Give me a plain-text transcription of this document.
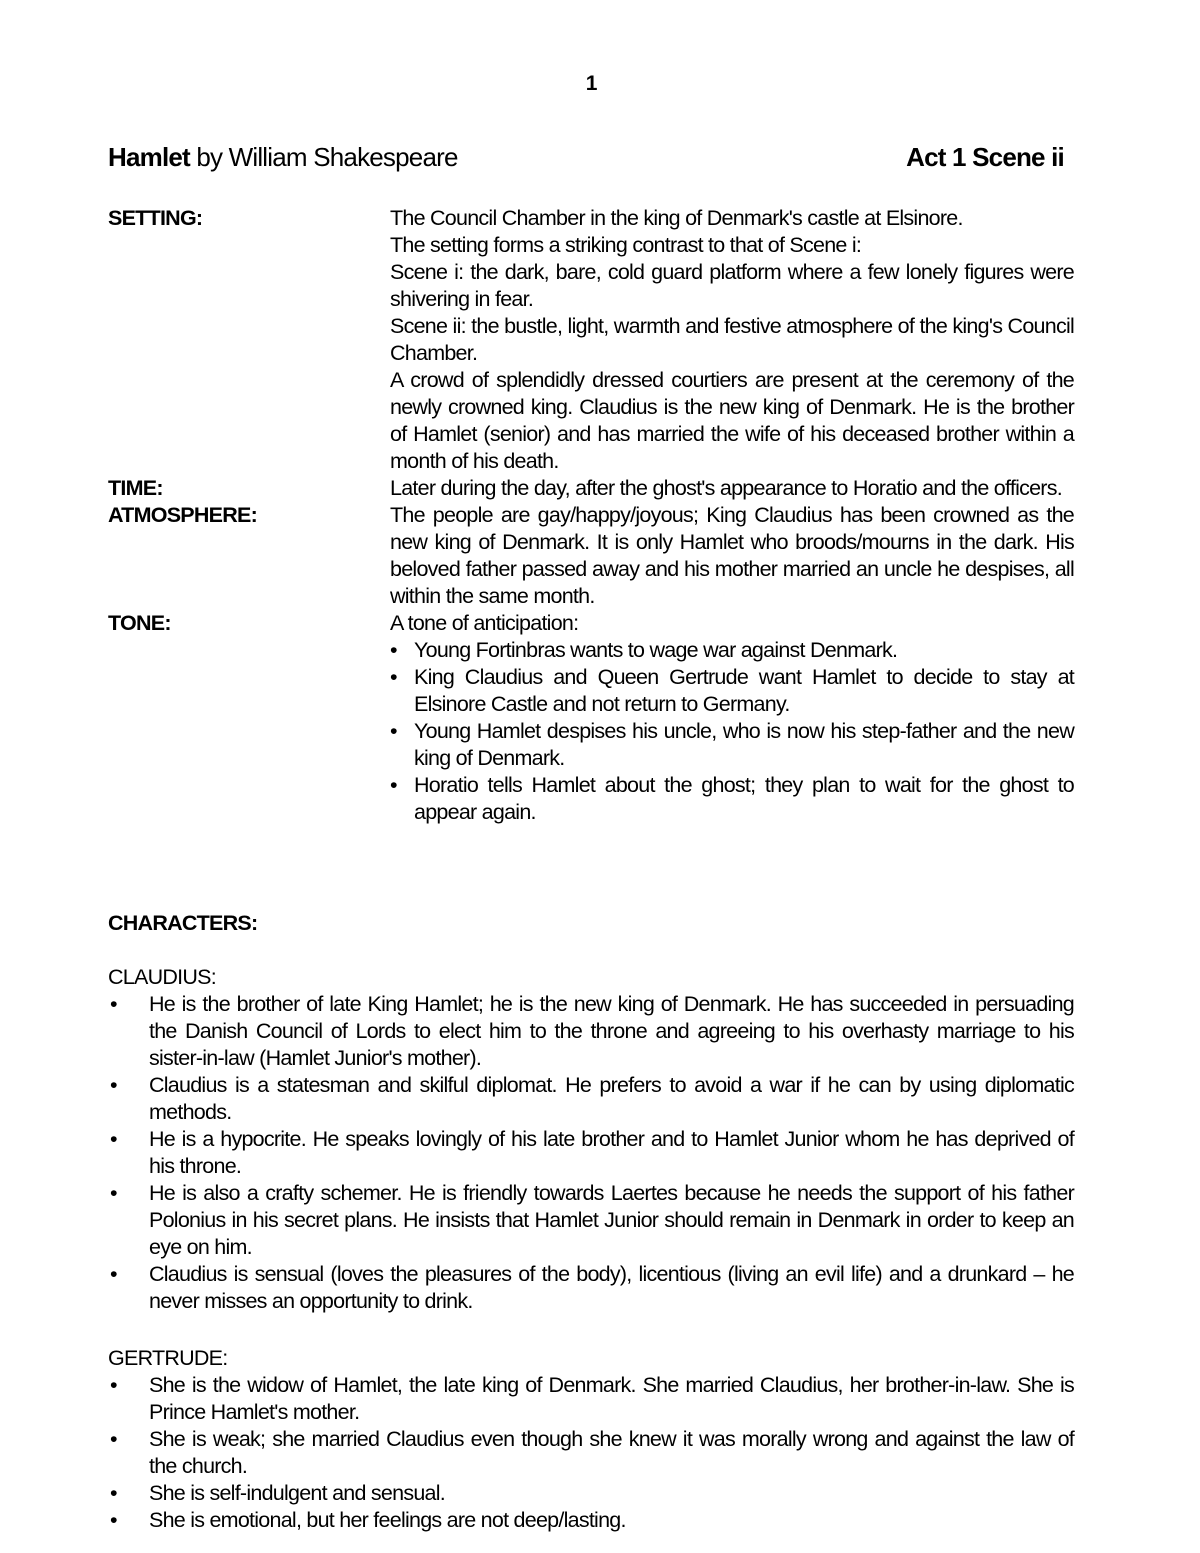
1
Hamlet by William Shakespeare	Act 1 Scene ii
SETTING:	The Council Chamber in the king of Denmark's castle at Elsinore.

The setting forms a striking contrast to that of Scene i:

Scene i: the dark, bare, cold guard platform where a few lonely figures were shivering in fear.

Scene ii: the bustle, light, warmth and festive atmosphere of the king's Council Chamber.

A crowd of splendidly dressed courtiers are present at the ceremony of the newly crowned king. Claudius is the new king of Denmark. He is the brother of Hamlet (senior) and has married the wife of his deceased brother within a month of his death.

TIME:	Later during the day, after the ghost's appearance to Horatio and the officers.
ATMOSPHERE:	The people are gay/happy/joyous; King Claudius has been crowned as the new king of Denmark. It is only Hamlet who broods/mourns in the dark. His beloved father passed away and his mother married an uncle he despises, all within the same month.
TONE:	A tone of anticipation:

• Young Fortinbras wants to wage war against Denmark.
• King Claudius and Queen Gertrude want Hamlet to decide to stay at Elsinore Castle and not return to Germany.
• Young Hamlet despises his uncle, who is now his step-father and the new king of Denmark.
• Horatio tells Hamlet about the ghost; they plan to wait for the ghost to appear again.
CHARACTERS:

CLAUDIUS:

• He is the brother of late King Hamlet; he is the new king of Denmark. He has succeeded in persuading the Danish Council of Lords to elect him to the throne and agreeing to his overhasty marriage to his sister-in-law (Hamlet Junior's mother).
• Claudius is a statesman and skilful diplomat. He prefers to avoid a war if he can by using diplomatic methods.
• He is a hypocrite. He speaks lovingly of his late brother and to Hamlet Junior whom he has deprived of his throne.
• He is also a crafty schemer. He is friendly towards Laertes because he needs the support of his father Polonius in his secret plans. He insists that Hamlet Junior should remain in Denmark in order to keep an eye on him.
• Claudius is sensual (loves the pleasures of the body), licentious (living an evil life) and a drunkard – he never misses an opportunity to drink.

GERTRUDE:

• She is the widow of Hamlet, the late king of Denmark. She married Claudius, her brother-in-law. She is Prince Hamlet's mother.
• She is weak; she married Claudius even though she knew it was morally wrong and against the law of the church.
• She is self-indulgent and sensual.
• She is emotional, but her feelings are not deep/lasting.
